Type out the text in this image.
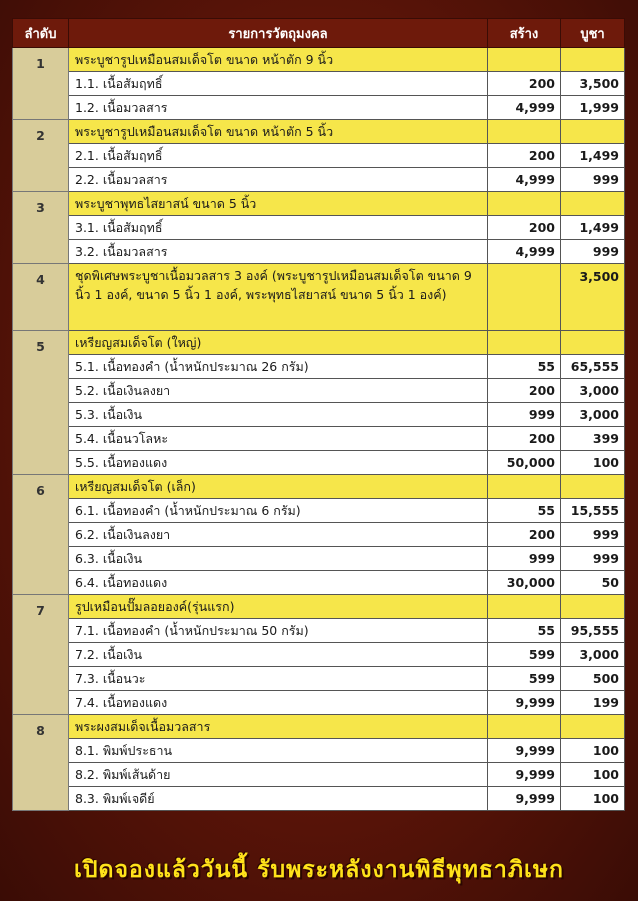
ลำดับ	รายการวัตถุมงคล	สร้าง	บูชา
1	พระบูชารูปเหมือนสมเด็จโต ขนาด หน้าตัก 9 นิ้ว		
	1.1. เนื้อสัมฤทธิ์	200	3,500
	1.2. เนื้อมวลสาร	4,999	1,999
2	พระบูชารูปเหมือนสมเด็จโต ขนาด หน้าตัก 5 นิ้ว		
	2.1. เนื้อสัมฤทธิ์	200	1,499
	2.2. เนื้อมวลสาร	4,999	999
3	พระบูชาพุทธไสยาสน์ ขนาด 5 นิ้ว		
	3.1. เนื้อสัมฤทธิ์	200	1,499
	3.2. เนื้อมวลสาร	4,999	999
4	ชุดพิเศษพระบูชาเนื้อมวลสาร 3 องค์ (พระบูชารูปเหมือนสมเด็จโต ขนาด 9 นิ้ว 1 องค์, ขนาด 5 นิ้ว 1 องค์, พระพุทธไสยาสน์ ขนาด 5 นิ้ว 1 องค์)		3,500
5	เหรียญสมเด็จโต (ใหญ่)		
	5.1. เนื้อทองคำ (น้ำหนักประมาณ 26 กรัม)	55	65,555
	5.2. เนื้อเงินลงยา	200	3,000
	5.3. เนื้อเงิน	999	3,000
	5.4. เนื้อนวโลหะ	200	399
	5.5. เนื้อทองแดง	50,000	100
6	เหรียญสมเด็จโต (เล็ก)		
	6.1. เนื้อทองคำ (น้ำหนักประมาณ 6 กรัม)	55	15,555
	6.2. เนื้อเงินลงยา	200	999
	6.3. เนื้อเงิน	999	999
	6.4. เนื้อทองแดง	30,000	50
7	รูปเหมือนปั๊มลอยองค์(รุ่นแรก)		
	7.1. เนื้อทองคำ (น้ำหนักประมาณ 50 กรัม)	55	95,555
	7.2. เนื้อเงิน	599	3,000
	7.3. เนื้อนวะ	599	500
	7.4. เนื้อทองแดง	9,999	199
8	พระผงสมเด็จเนื้อมวลสาร		
	8.1. พิมพ์ประธาน	9,999	100
	8.2. พิมพ์เส้นด้าย	9,999	100
	8.3. พิมพ์เจดีย์	9,999	100
เปิดจองแล้ววันนี้ รับพระหลังงานพิธีพุทธาภิเษก
